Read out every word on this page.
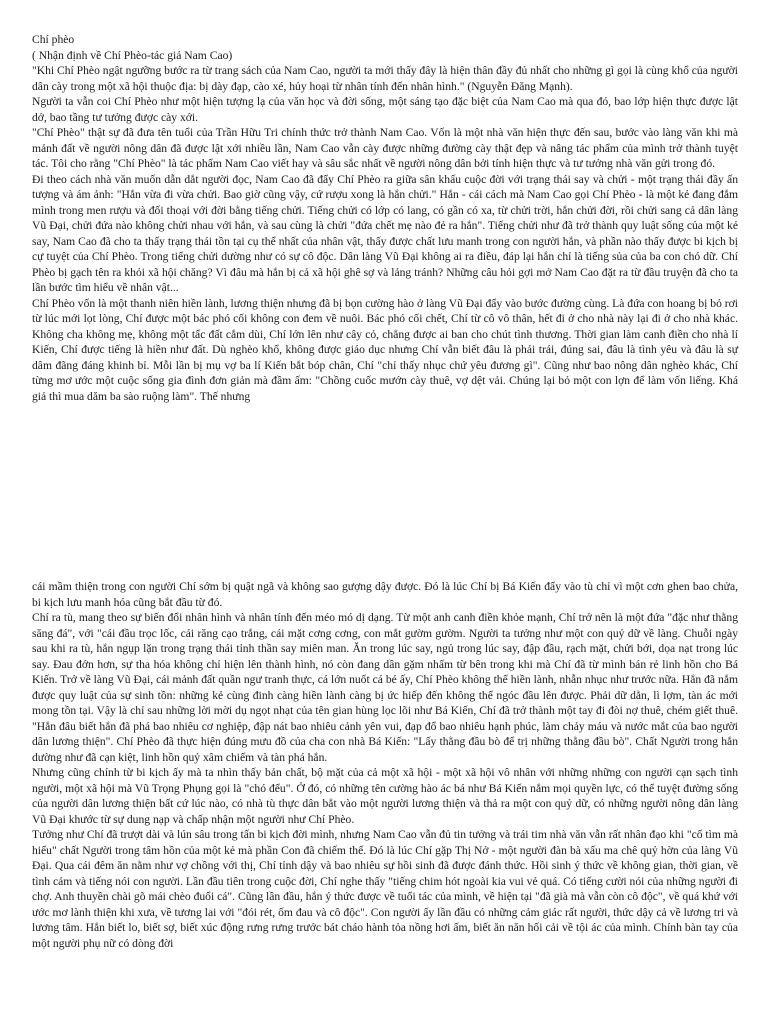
Chí phèo

( Nhận định về Chí Phèo-tác giả Nam Cao)

"Khi Chí Phèo ngật ngưỡng bước ra từ trang sách của Nam Cao, người ta mới thấy đây là hiện thân đầy đủ nhất cho những gì gọi là cùng khổ của người dân cày trong một xã hội thuộc địa: bị dày đạp, cào xé, hủy hoại từ nhân tính đến nhân hình." (Nguyễn Đăng Mạnh).

Người ta vẫn coi Chí Phèo như một hiện tượng lạ của văn học và đời sống, một sáng tạo đặc biệt của Nam Cao mà qua đó, bao lớp hiện thực được lật dở, bao tầng tư tưởng được cày xới.

"Chí Phèo" thật sự đã đưa tên tuổi của Trần Hữu Tri chính thức trở thành Nam Cao. Vốn là một nhà văn hiện thực đến sau, bước vào làng văn khi mà mảnh đất về người nông dân đã được lật xới nhiều lần, Nam Cao vẫn cày được những đường cày thật đẹp và nâng tác phẩm của mình trở thành tuyệt tác. Tôi cho rằng "Chí Phèo" là tác phẩm Nam Cao viết hay và sâu sắc nhất về người nông dân bởi tính hiện thực và tư tưởng nhà văn gửi trong đó.

Đi theo cách nhà văn muốn dẫn dắt người đọc, Nam Cao đã đẩy Chí Phèo ra giữa sân khấu cuộc đời với trạng thái say và chửi - một trạng thái đầy ấn tượng và ám ảnh: "Hắn vừa đi vừa chửi. Bao giờ cũng vậy, cứ rượu xong là hắn chửi." Hắn - cái cách mà Nam Cao gọi Chí Phèo - là một kẻ đang đắm mình trong men rượu và đối thoại với đời bằng tiếng chửi. Tiếng chửi có lớp có lang, có gần có xa, từ chửi trời, hắn chửi đời, rồi chửi sang cả dân làng Vũ Đại, chửi đứa nào không chửi nhau với hắn, và sau cùng là chửi "đứa chết mẹ nào đẻ ra hắn". Tiếng chửi như đã trở thành quy luật sống của một kẻ say, Nam Cao đã cho ta thấy trạng thái tồn tại cụ thể nhất của nhân vật, thấy được chất lưu manh trong con người hắn, và phần nào thấy được bi kịch bị cự tuyệt của Chí Phèo. Trong tiếng chửi dường như có sự cô độc. Dân làng Vũ Đại không ai ra điều, đáp lại hắn chỉ là tiếng sủa của ba con chó dữ. Chí Phèo bị gạch tên ra khỏi xã hội chăng? Vì đâu mà hắn bị cả xã hội ghê sợ và lảng tránh? Những câu hỏi gợi mở Nam Cao đặt ra từ đầu truyện đã cho ta lần bước tìm hiểu về nhân vật...

Chí Phèo vốn là một thanh niên hiền lành, lương thiện nhưng đã bị bọn cường hào ở làng Vũ Đại đẩy vào bước đường cùng. Là đứa con hoang bị bỏ rơi từ lúc mới lọt lòng, Chí được một bác phó cối không con đem về nuôi. Bác phó cối chết, Chí từ cô vô thân, hết đi ở cho nhà này lại đi ở cho nhà khác. Không cha không mẹ, không một tấc đất cắm dùi, Chí lớn lên như cây cỏ, chẳng được ai ban cho chút tình thương. Thời gian làm canh điền cho nhà lí Kiến, Chí được tiếng là hiền như đất. Dù nghèo khổ, không được giáo dục nhưng Chí vẫn biết đâu là phải trái, đúng sai, đâu là tình yêu và đâu là sự dâm đãng đáng khinh bỉ. Mỗi lần bị mụ vợ ba lí Kiến bắt bóp chân, Chí "chỉ thấy nhục chứ yêu đương gì". Cũng như bao nông dân nghèo khác, Chí từng mơ ước một cuộc sống gia đình đơn giản mà đầm ấm: "Chồng cuốc mướn cày thuê, vợ dệt vải. Chúng lại bỏ một con lợn để làm vốn liếng. Khá giả thì mua dăm ba sào ruộng làm". Thế nhưng

cái mầm thiện trong con người Chí sớm bị quật ngã và không sao gượng dậy được. Đó là lúc Chí bị Bá Kiến đẩy vào tù chỉ vì một cơn ghen bao chửa, bi kịch lưu manh hóa cũng bắt đầu từ đó.

Chí ra tù, mang theo sự biến đổi nhân hình và nhân tính đến méo mó dị dạng. Từ một anh canh điền khỏe mạnh, Chí trở nên là một đứa "đặc như thằng săng đá", với "cái đầu trọc lốc, cái răng cạo trắng, cái mặt cơng cơng, con mắt gườm gườm. Người ta tưởng như một con quỷ dữ về làng. Chuỗi ngày sau khi ra tù, hắn ngụp lặn trong trạng thái tỉnh thần say miên man. Ăn trong lúc say, ngủ trong lúc say, đập đầu, rạch mặt, chửi bới, dọa nạt trong lúc say. Đau đớn hơn, sự tha hóa không chỉ hiện lên thành hình, nó còn đang dần gặm nhấm từ bên trong khi mà Chí đã từ mình bán rẻ linh hồn cho Bá Kiến. Trở về làng Vũ Đại, cái mảnh đất quần ngư tranh thực, cá lớn nuốt cá bé ấy, Chí Phèo không thể hiền lành, nhẫn nhục như trước nữa. Hắn đã nắm được quy luật của sự sinh tồn: những kẻ cùng đinh càng hiền lành càng bị ức hiếp đến không thể ngóc đầu lên được. Phải dữ dằn, lì lợm, tàn ác mới mong tồn tại. Vậy là chỉ sau những lời mời dụ ngọt nhạt của tên gian hùng lọc lõi như Bá Kiến, Chí đã trở thành một tay đi đòi nợ thuê, chém giết thuê. "Hắn đâu biết hắn đã phá bao nhiêu cơ nghiệp, đập nát bao nhiêu cảnh yên vui, đạp đổ bao nhiêu hạnh phúc, làm chảy máu và nước mắt của bao người dân lương thiện". Chí Phèo đã thực hiện đúng mưu đồ của cha con nhà Bá Kiến: "Lấy thằng đầu bò để trị những thằng đầu bò". Chất Người trong hắn dường như đã cạn kiệt, linh hồn quỷ xâm chiếm và tàn phá hắn.

Nhưng cũng chính từ bi kịch ấy mà ta nhìn thấy bản chất, bộ mặt của cả một xã hội - một xã hội vô nhân với những những con người cạn sạch tình người, một xã hội mà Vũ Trọng Phụng gọi là "chó đểu". Ở đó, có những tên cường hào ác bá như Bá Kiến nắm mọi quyền lực, có thể tuyệt đường sống của người dân lương thiện bất cứ lúc nào, có nhà tù thực dân bắt vào một người lương thiện và thả ra một con quỷ dữ, có những người nông dân làng Vũ Đại khước từ sự dung nạp và chấp nhận một người như Chí Phèo.

Tưởng như Chí đã trượt dài và lún sâu trong tấn bi kịch đời mình, nhưng Nam Cao vẫn đủ tin tưởng và trái tim nhà văn vẫn rất nhân đạo khi "cố tìm mà hiểu" chất Người trong tâm hồn của một kẻ mà phần Con đã chiếm thế. Đó là lúc Chí gặp Thị Nở - một người đàn bà xấu ma chê quỷ hờn của làng Vũ Đại. Qua cái đêm ăn nằm như vợ chồng với thị, Chí tỉnh dậy và bao nhiêu sự hồi sinh đã được đánh thức. Hồi sinh ý thức về không gian, thời gian, về tình cảm và tiếng nói con người. Lần đầu tiên trong cuộc đời, Chí nghe thấy "tiếng chim hót ngoài kia vui vẻ quá. Có tiếng cười nói của những người đi chợ. Anh thuyền chài gõ mái chèo đuổi cá". Cũng lần đầu, hắn ý thức được về tuổi tác của mình, về hiện tại "đã già mà vẫn còn cô độc", về quá khứ với ước mơ lành thiện khi xưa, về tương lai với "đói rét, ốm đau và cô độc". Con người ấy lần đầu có những cảm giác rất người, thức dậy cả về lương tri và lương tâm. Hắn biết lo, biết sợ, biết xúc động rưng rưng trước bát cháo hành tỏa nồng hơi ấm, biết ăn năn hối cải về tội ác của mình. Chính bàn tay của một người phụ nữ có dòng đời
